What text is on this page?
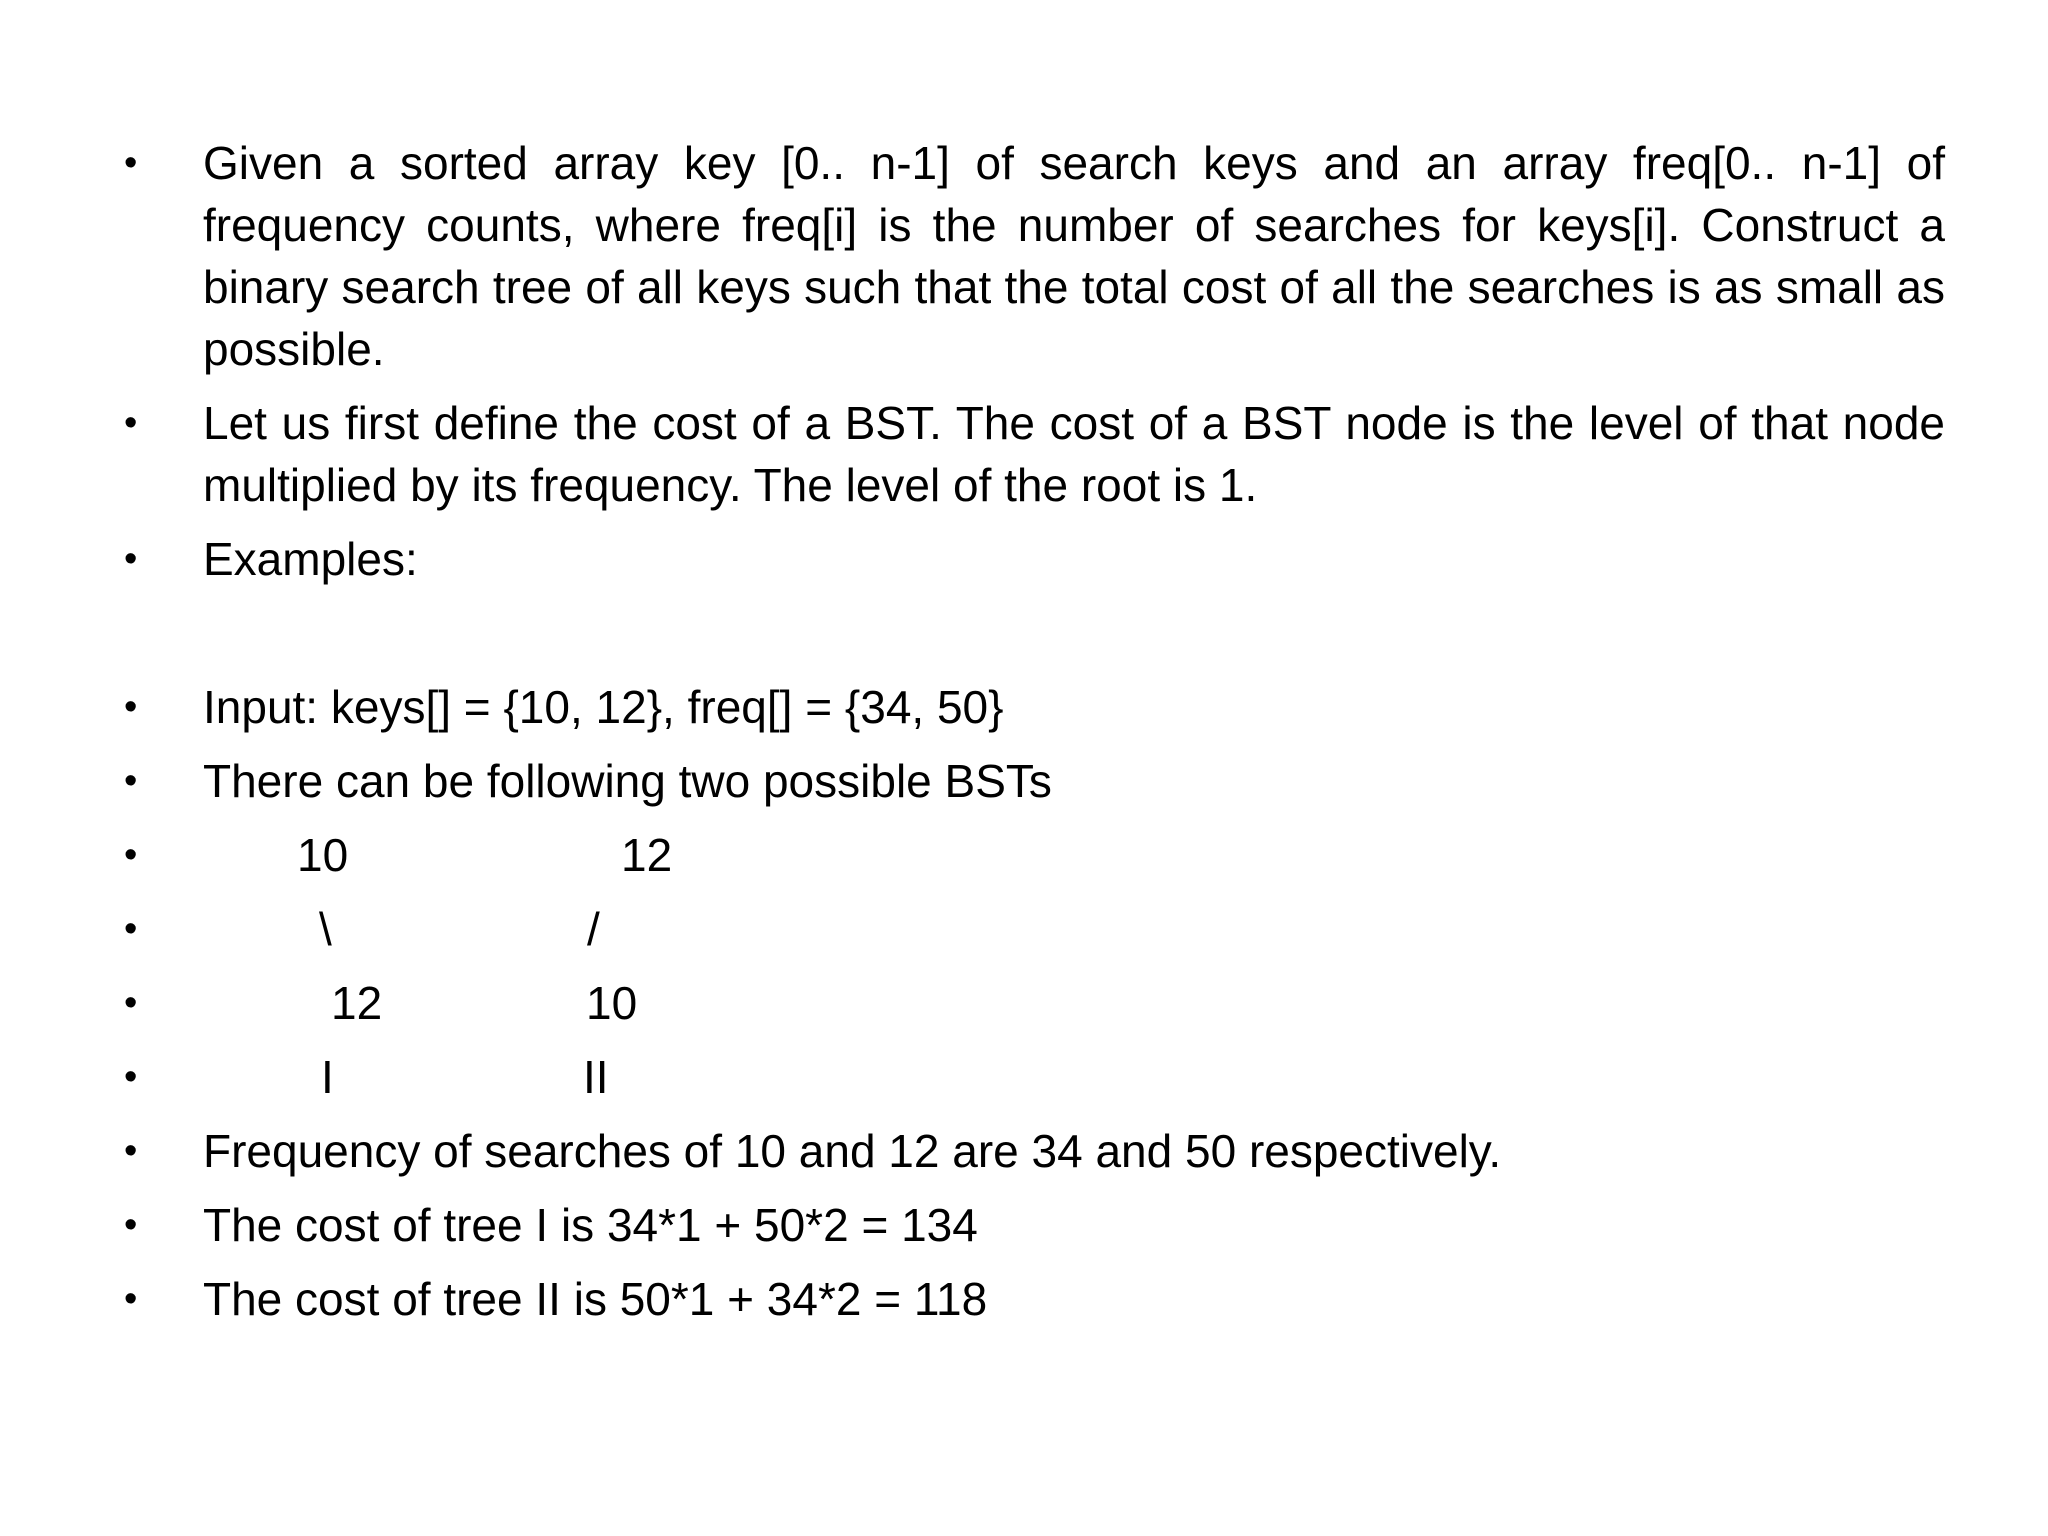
• Given a sorted array key [0.. n-1] of search keys and an array freq[0.. n-1] of frequency counts, where freq[i] is the number of searches for keys[i]. Construct a binary search tree of all keys such that the total cost of all the searches is as small as possible.
• Let us first define the cost of a BST. The cost of a BST node is the level of that node multiplied by its frequency. The level of the root is 1.
• Examples:
• Input: keys[] = {10, 12}, freq[] = {34, 50}
• There can be following two possible BSTs
•	10	12
•	\	/
•	12	10
•	I	II
• Frequency of searches of 10 and 12 are 34 and 50 respectively.
• The cost of tree I is 34*1 + 50*2 = 134
• The cost of tree II is 50*1 + 34*2 = 118
